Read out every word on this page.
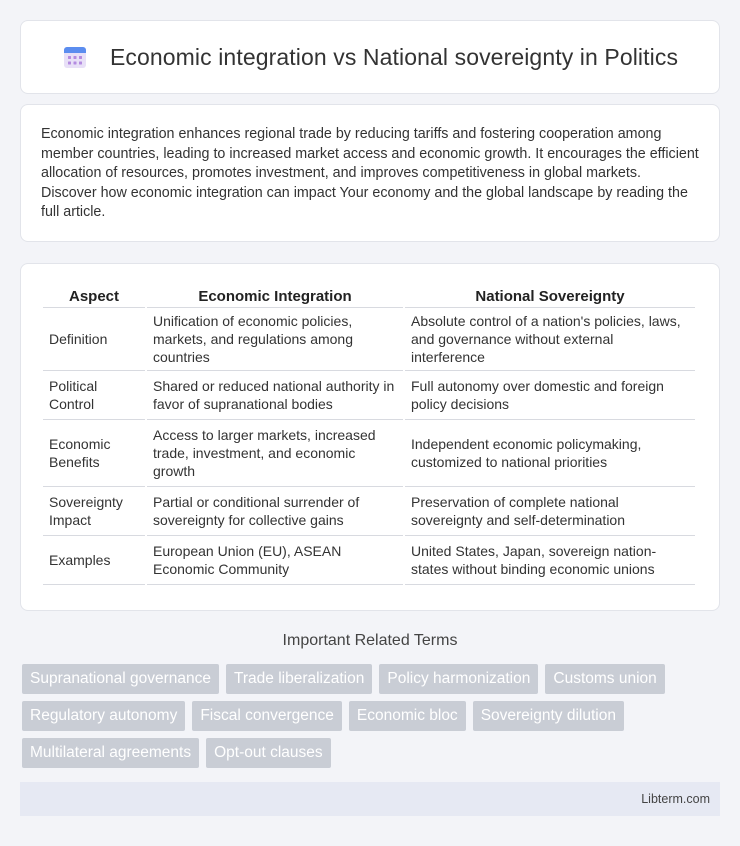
Economic integration vs National sovereignty in Politics

Economic integration enhances regional trade by reducing tariffs and fostering cooperation among member countries, leading to increased market access and economic growth. It encourages the efficient allocation of resources, promotes investment, and improves competitiveness in global markets. Discover how economic integration can impact Your economy and the global landscape by reading the full article.

Aspect	Economic Integration	National Sovereignty
Definition	Unification of economic policies, markets, and regulations among countries	Absolute control of a nation's policies, laws, and governance without external interference
Political Control	Shared or reduced national authority in favor of supranational bodies	Full autonomy over domestic and foreign policy decisions
Economic Benefits	Access to larger markets, increased trade, investment, and economic growth	Independent economic policymaking, customized to national priorities
Sovereignty Impact	Partial or conditional surrender of sovereignty for collective gains	Preservation of complete national sovereignty and self-determination
Examples	European Union (EU), ASEAN Economic Community	United States, Japan, sovereign nation-states without binding economic unions
Important Related Terms
Supranational governance	Trade liberalization	Policy harmonization	Customs union
Regulatory autonomy	Fiscal convergence	Economic bloc	Sovereignty dilution
Multilateral agreements	Opt-out clauses
Libterm.com
